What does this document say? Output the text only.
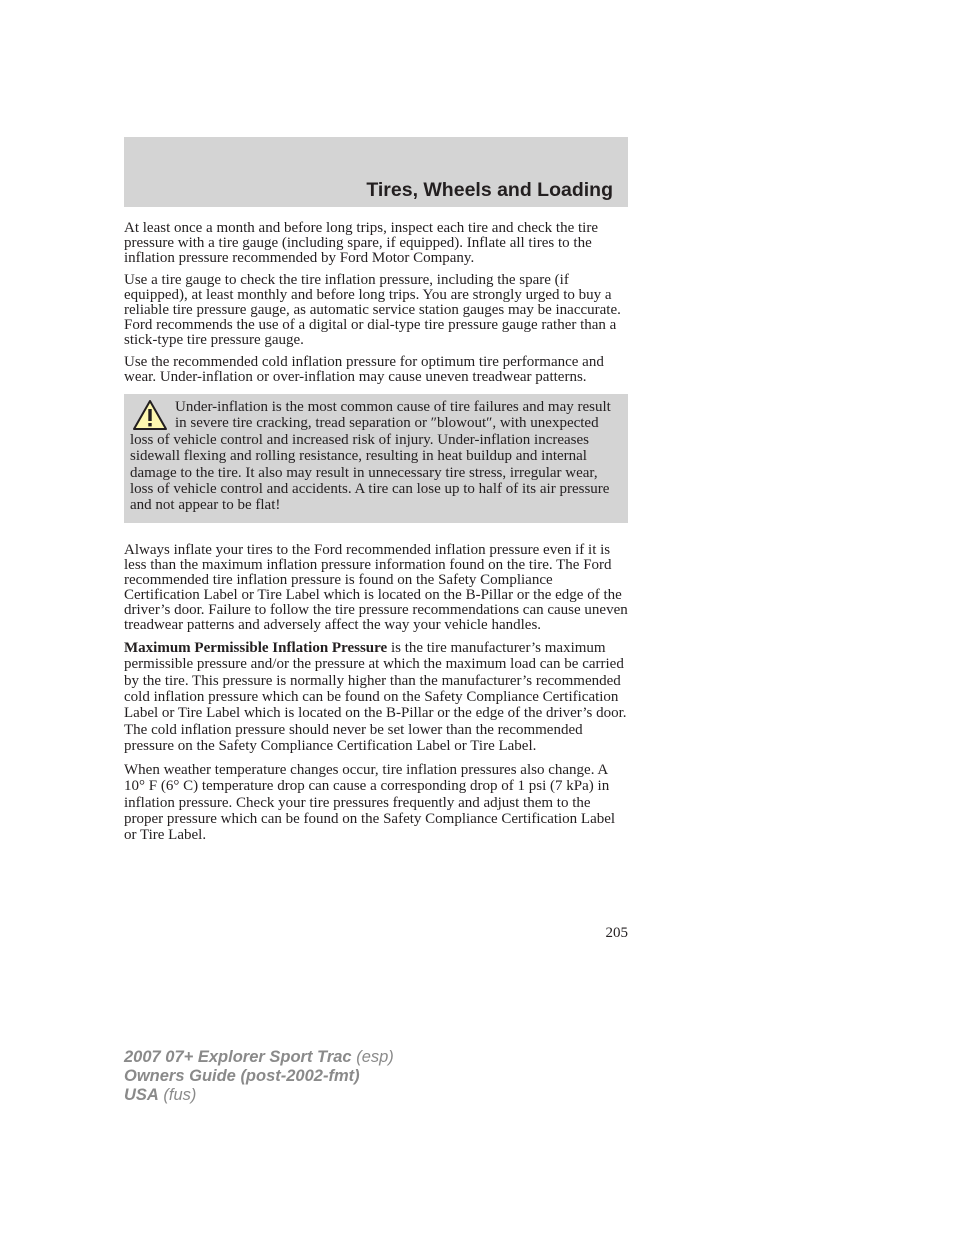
Tires, Wheels and Loading

At least once a month and before long trips, inspect each tire and check the tire pressure with a tire gauge (including spare, if equipped). Inflate all tires to the inflation pressure recommended by Ford Motor Company.

Use a tire gauge to check the tire inflation pressure, including the spare (if equipped), at least monthly and before long trips. You are strongly urged to buy a reliable tire pressure gauge, as automatic service station gauges may be inaccurate. Ford recommends the use of a digital or dial-type tire pressure gauge rather than a stick-type tire pressure gauge.

Use the recommended cold inflation pressure for optimum tire performance and wear. Under-inflation or over-inflation may cause uneven treadwear patterns.

Under-inflation is the most common cause of tire failures and may result in severe tire cracking, tread separation or ″blowout″, with unexpected loss of vehicle control and increased risk of injury. Under-inflation increases sidewall flexing and rolling resistance, resulting in heat buildup and internal damage to the tire. It also may result in unnecessary tire stress, irregular wear, loss of vehicle control and accidents. A tire can lose up to half of its air pressure and not appear to be flat!

Always inflate your tires to the Ford recommended inflation pressure even if it is less than the maximum inflation pressure information found on the tire. The Ford recommended tire inflation pressure is found on the Safety Compliance Certification Label or Tire Label which is located on the B-Pillar or the edge of the driver’s door. Failure to follow the tire pressure recommendations can cause uneven treadwear patterns and adversely affect the way your vehicle handles.

Maximum Permissible Inflation Pressure is the tire manufacturer’s maximum permissible pressure and/or the pressure at which the maximum load can be carried by the tire. This pressure is normally higher than the manufacturer’s recommended cold inflation pressure which can be found on the Safety Compliance Certification Label or Tire Label which is located on the B-Pillar or the edge of the driver’s door. The cold inflation pressure should never be set lower than the recommended pressure on the Safety Compliance Certification Label or Tire Label.

When weather temperature changes occur, tire inflation pressures also change. A 10° F (6° C) temperature drop can cause a corresponding drop of 1 psi (7 kPa) in inflation pressure. Check your tire pressures frequently and adjust them to the proper pressure which can be found on the Safety Compliance Certification Label or Tire Label.

205
2007 07+ Explorer Sport Trac (esp)
Owners Guide (post-2002-fmt)
USA (fus)
